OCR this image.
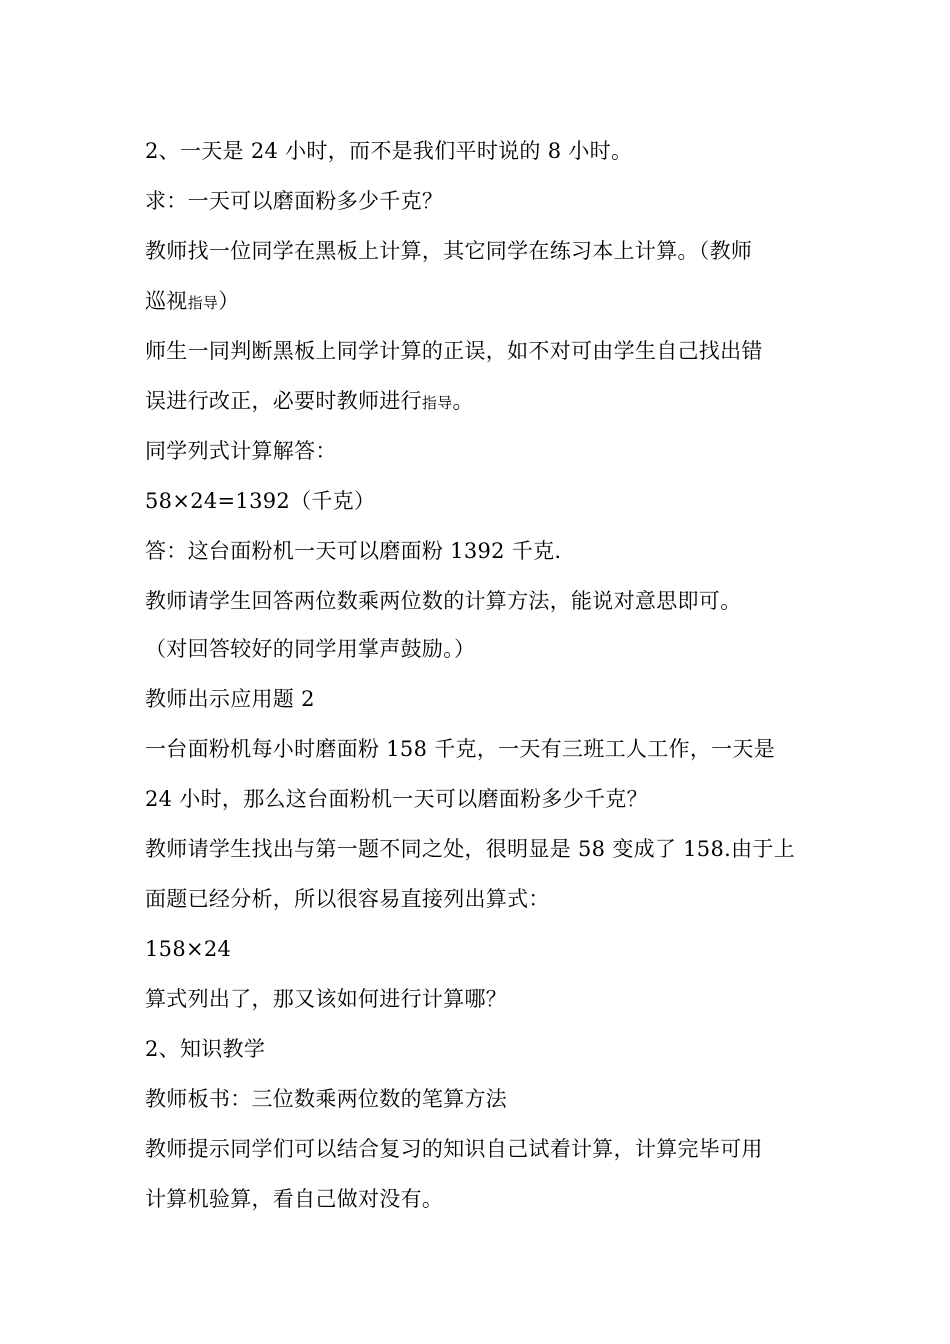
2、一天是 24 小时，而不是我们平时说的 8 小时。
求：一天可以磨面粉多少千克？
教师找一位同学在黑板上计算，其它同学在练习本上计算。（教师
巡视指导）
师生一同判断黑板上同学计算的正误，如不对可由学生自己找出错
误进行改正，必要时教师进行指导。
同学列式计算解答：
58×24=1392（千克）
答：这台面粉机一天可以磨面粉 1392 千克.
教师请学生回答两位数乘两位数的计算方法，能说对意思即可。
（对回答较好的同学用掌声鼓励。）
教师出示应用题 2
一台面粉机每小时磨面粉 158 千克，一天有三班工人工作，一天是
24 小时，那么这台面粉机一天可以磨面粉多少千克？
教师请学生找出与第一题不同之处，很明显是 58 变成了 158.由于上
面题已经分析，所以很容易直接列出算式：
158×24
算式列出了，那又该如何进行计算哪？
2、知识教学
教师板书：三位数乘两位数的笔算方法
教师提示同学们可以结合复习的知识自己试着计算，计算完毕可用
计算机验算，看自己做对没有。
